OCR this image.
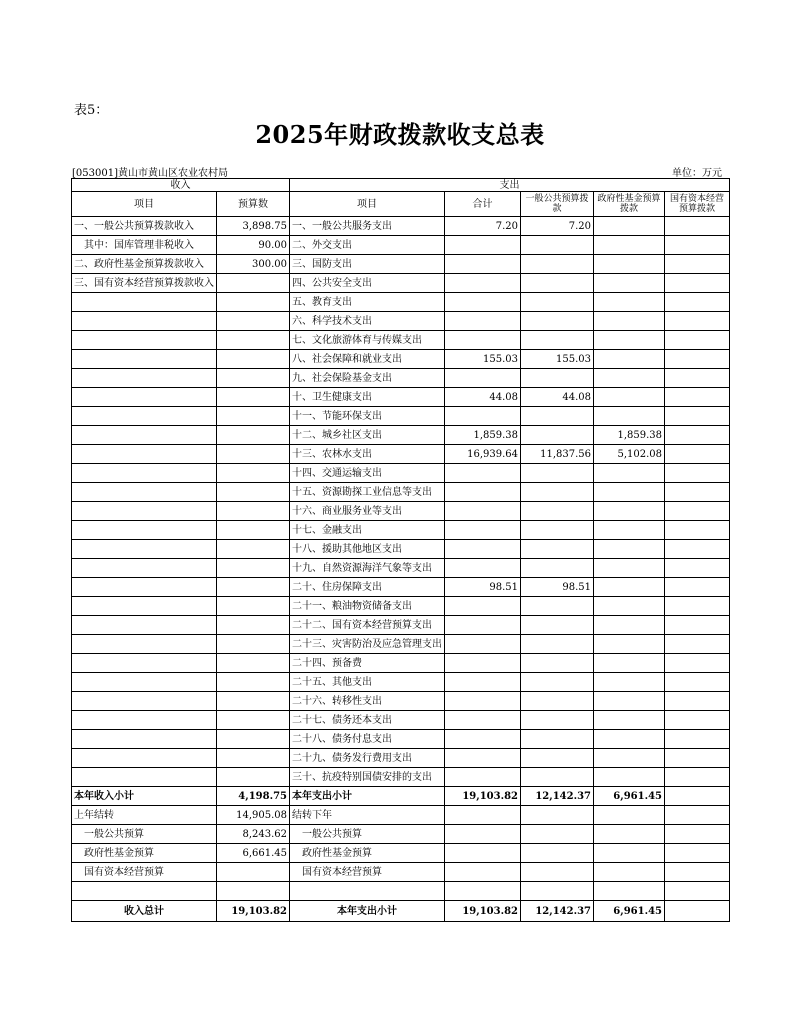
表5：
2025年财政拨款收支总表
[053001]黄山市黄山区农业农村局	单位：万元
收入		支出				
项目	预算数	项目	合计	一般公共预算拨款	政府性基金预算拨款	国有资本经营预算拨款
一、一般公共预算拨款收入	3,898.75	一、一般公共服务支出	7.20	7.20		
其中：国库管理非税收入	90.00	二、外交支出				
二、政府性基金预算拨款收入	300.00	三、国防支出				
三、国有资本经营预算拨款收入		四、公共安全支出				
		五、教育支出				
		六、科学技术支出				
		七、文化旅游体育与传媒支出				
		八、社会保障和就业支出	155.03	155.03		
		九、社会保险基金支出				
		十、卫生健康支出	44.08	44.08		
		十一、节能环保支出				
		十二、城乡社区支出	1,859.38		1,859.38	
		十三、农林水支出	16,939.64	11,837.56	5,102.08	
		十四、交通运输支出				
		十五、资源勘探工业信息等支出				
		十六、商业服务业等支出				
		十七、金融支出				
		十八、援助其他地区支出				
		十九、自然资源海洋气象等支出				
		二十、住房保障支出	98.51	98.51		
		二十一、粮油物资储备支出				
		二十二、国有资本经营预算支出				
		二十三、灾害防治及应急管理支出				
		二十四、预备费				
		二十五、其他支出				
		二十六、转移性支出				
		二十七、债务还本支出				
		二十八、债务付息支出				
		二十九、债务发行费用支出				
		三十、抗疫特别国债安排的支出				
本年收入小计	4,198.75	本年支出小计	19,103.82	12,142.37	6,961.45	
上年结转	14,905.08	结转下年				
一般公共预算	8,243.62	一般公共预算				
政府性基金预算	6,661.45	政府性基金预算				
国有资本经营预算		国有资本经营预算				

收入总计	19,103.82	本年支出小计	19,103.82	12,142.37	6,961.45	
